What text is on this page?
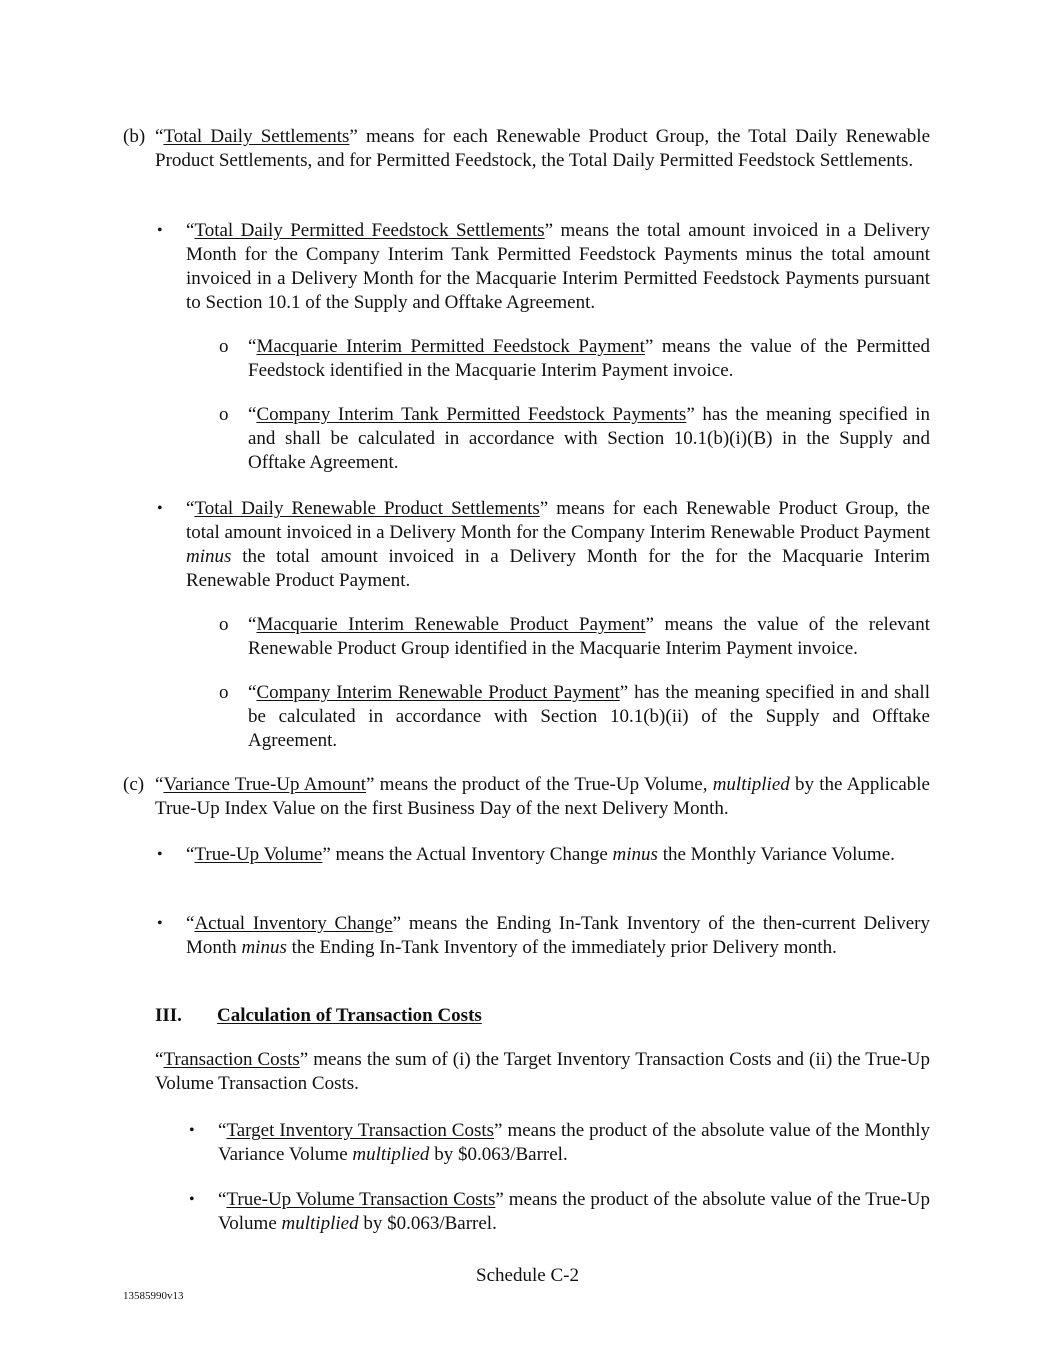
(b) “Total Daily Settlements” means for each Renewable Product Group, the Total Daily Renewable Product Settlements, and for Permitted Feedstock, the Total Daily Permitted Feedstock Settlements.
• “Total Daily Permitted Feedstock Settlements” means the total amount invoiced in a Delivery Month for the Company Interim Tank Permitted Feedstock Payments minus the total amount invoiced in a Delivery Month for the Macquarie Interim Permitted Feedstock Payments pursuant to Section 10.1 of the Supply and Offtake Agreement.
o “Macquarie Interim Permitted Feedstock Payment” means the value of the Permitted Feedstock identified in the Macquarie Interim Payment invoice.
o “Company Interim Tank Permitted Feedstock Payments” has the meaning specified in and shall be calculated in accordance with Section 10.1(b)(i)(B) in the Supply and Offtake Agreement.
• “Total Daily Renewable Product Settlements” means for each Renewable Product Group, the total amount invoiced in a Delivery Month for the Company Interim Renewable Product Payment minus the total amount invoiced in a Delivery Month for the for the Macquarie Interim Renewable Product Payment.
o “Macquarie Interim Renewable Product Payment” means the value of the relevant Renewable Product Group identified in the Macquarie Interim Payment invoice.
o “Company Interim Renewable Product Payment” has the meaning specified in and shall be calculated in accordance with Section 10.1(b)(ii) of the Supply and Offtake Agreement.
(c) “Variance True-Up Amount” means the product of the True-Up Volume, multiplied by the Applicable True-Up Index Value on the first Business Day of the next Delivery Month.
• “True-Up Volume” means the Actual Inventory Change minus the Monthly Variance Volume.
• “Actual Inventory Change” means the Ending In-Tank Inventory of the then-current Delivery Month minus the Ending In-Tank Inventory of the immediately prior Delivery month.
III. Calculation of Transaction Costs
“Transaction Costs” means the sum of (i) the Target Inventory Transaction Costs and (ii) the True-Up Volume Transaction Costs.
• “Target Inventory Transaction Costs” means the product of the absolute value of the Monthly Variance Volume multiplied by $0.063/Barrel.
• “True-Up Volume Transaction Costs” means the product of the absolute value of the True-Up Volume multiplied by $0.063/Barrel.
Schedule C-2
13585990v13
